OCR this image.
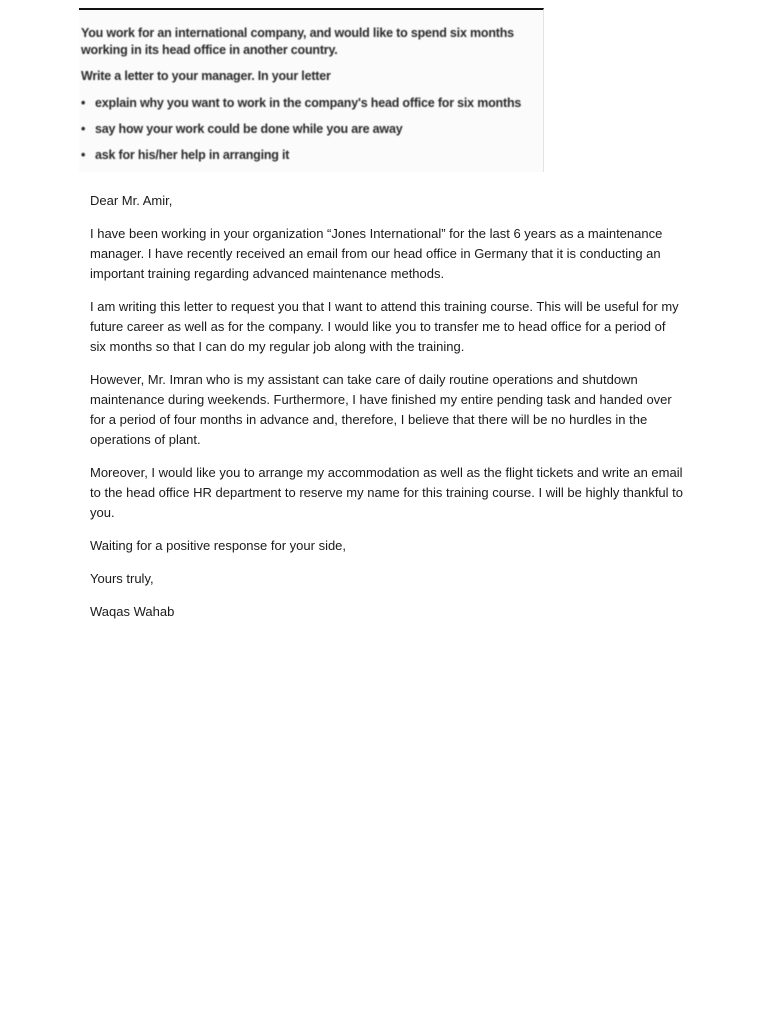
You work for an international company, and would like to spend six months
working in its head office in another country.
Write a letter to your manager. In your letter
• explain why you want to work in the company's head office for six months
• say how your work could be done while you are away
• ask for his/her help in arranging it

Dear Mr. Amir,

I have been working in your organization “Jones International” for the last 6 years as a maintenance manager. I have recently received an email from our head office in Germany that it is conducting an important training regarding advanced maintenance methods.

I am writing this letter to request you that I want to attend this training course. This will be useful for my future career as well as for the company. I would like you to transfer me to head office for a period of six months so that I can do my regular job along with the training.

However, Mr. Imran who is my assistant can take care of daily routine operations and shutdown maintenance during weekends. Furthermore, I have finished my entire pending task and handed over for a period of four months in advance and, therefore, I believe that there will be no hurdles in the operations of plant.

Moreover, I would like you to arrange my accommodation as well as the flight tickets and write an email to the head office HR department to reserve my name for this training course. I will be highly thankful to you.

Waiting for a positive response for your side,

Yours truly,

Waqas Wahab
